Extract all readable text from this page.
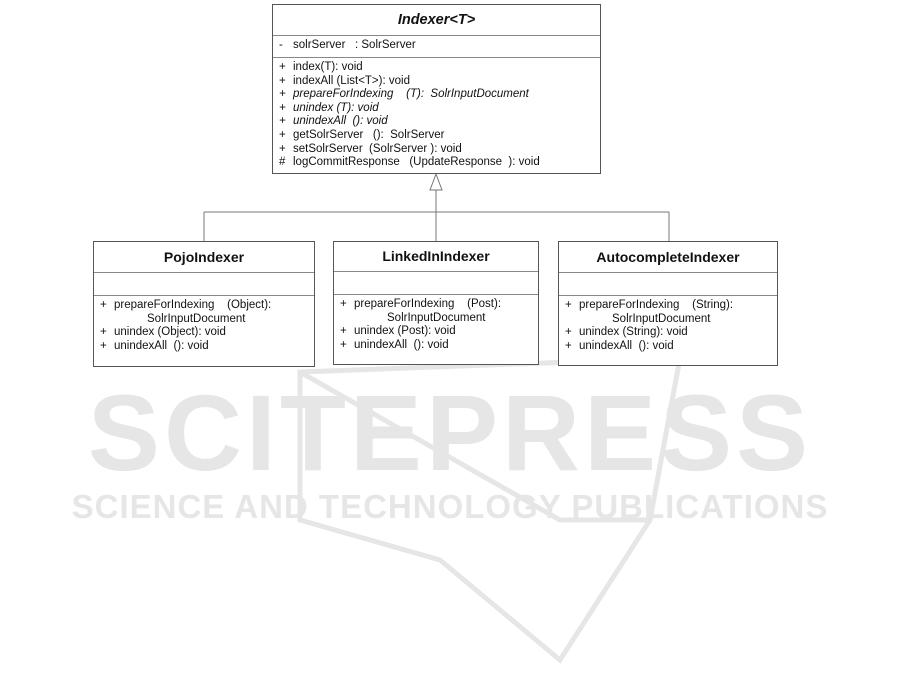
SCITEPRESS
SCIENCE AND TECHNOLOGY PUBLICATIONS
Indexer<T>
- solrServer   : SolrServer
+ index(T): void
+ indexAll (List<T>): void
+ prepareForIndexing    (T):  SolrInputDocument
+ unindex (T): void
+ unindexAll  (): void
+ getSolrServer   ():  SolrServer
+ setSolrServer  (SolrServer ): void
# logCommitResponse   (UpdateResponse  ): void
PojoIndexer
+ prepareForIndexing    (Object):
SolrInputDocument
+ unindex (Object): void
+ unindexAll  (): void
LinkedInIndexer
+ prepareForIndexing    (Post):
SolrInputDocument
+ unindex (Post): void
+ unindexAll  (): void
AutocompleteIndexer
+ prepareForIndexing    (String):
SolrInputDocument
+ unindex (String): void
+ unindexAll  (): void
